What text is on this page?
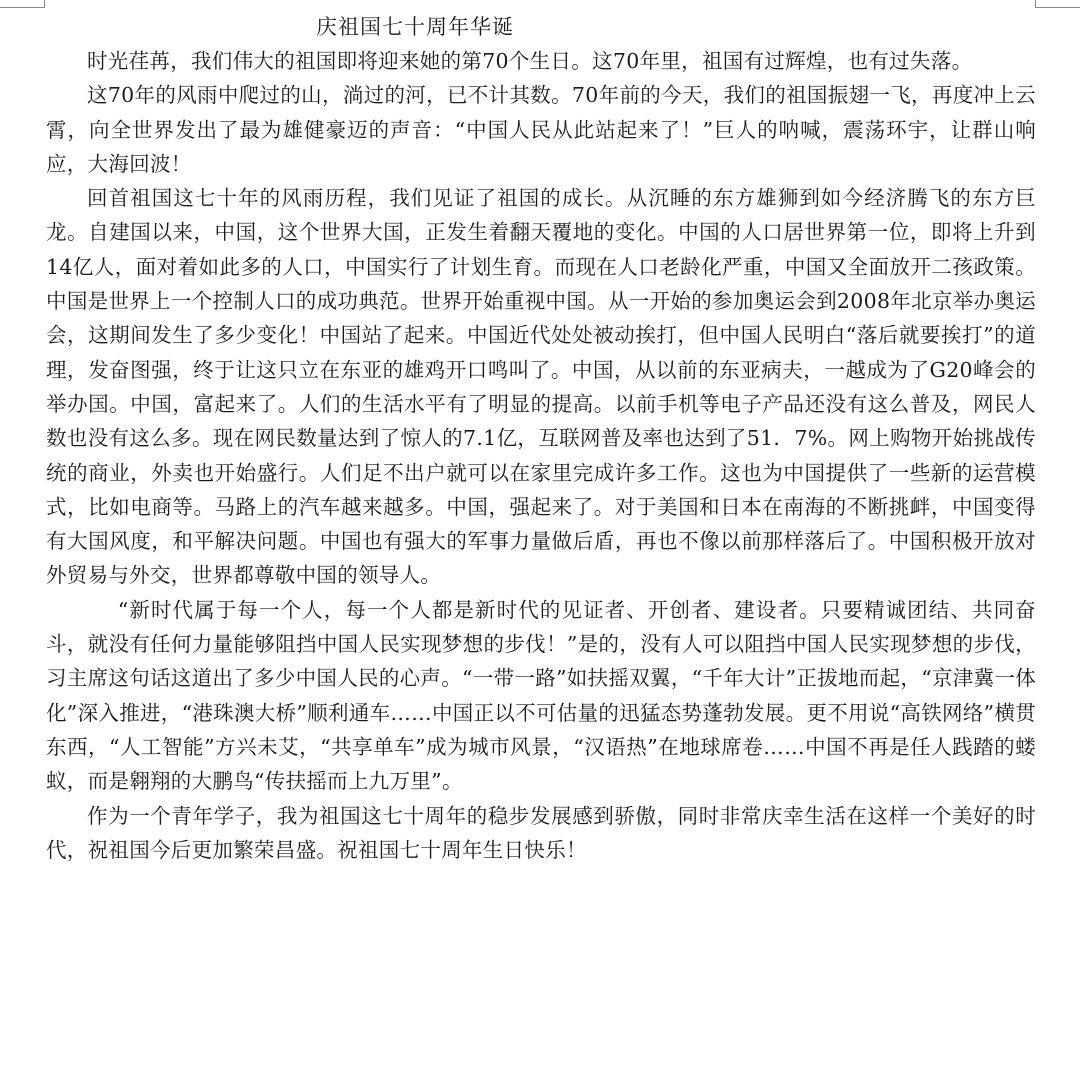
庆祖国七十周年华诞

时光荏苒，我们伟大的祖国即将迎来她的第70个生日。这70年里，祖国有过辉煌，也有过失落。

这70年的风雨中爬过的山，淌过的河，已不计其数。70年前的今天，我们的祖国振翅一飞，再度冲上云霄，向全世界发出了最为雄健豪迈的声音：“中国人民从此站起来了！”巨人的呐喊，震荡环宇，让群山响应，大海回波！

回首祖国这七十年的风雨历程，我们见证了祖国的成长。从沉睡的东方雄狮到如今经济腾飞的东方巨龙。自建国以来，中国，这个世界大国，正发生着翻天覆地的变化。中国的人口居世界第一位，即将上升到14亿人，面对着如此多的人口，中国实行了计划生育。而现在人口老龄化严重，中国又全面放开二孩政策。中国是世界上一个控制人口的成功典范。世界开始重视中国。从一开始的参加奥运会到2008年北京举办奥运会，这期间发生了多少变化！中国站了起来。中国近代处处被动挨打，但中国人民明白“落后就要挨打”的道理，发奋图强，终于让这只立在东亚的雄鸡开口鸣叫了。中国，从以前的东亚病夫，一越成为了G20峰会的举办国。中国，富起来了。人们的生活水平有了明显的提高。以前手机等电子产品还没有这么普及，网民人数也没有这么多。现在网民数量达到了惊人的7.1亿，互联网普及率也达到了51．7%。网上购物开始挑战传统的商业，外卖也开始盛行。人们足不出户就可以在家里完成许多工作。这也为中国提供了一些新的运营模式，比如电商等。马路上的汽车越来越多。中国，强起来了。对于美国和日本在南海的不断挑衅，中国变得有大国风度，和平解决问题。中国也有强大的军事力量做后盾，再也不像以前那样落后了。中国积极开放对外贸易与外交，世界都尊敬中国的领导人。

“新时代属于每一个人，每一个人都是新时代的见证者、开创者、建设者。只要精诚团结、共同奋斗，就没有任何力量能够阻挡中国人民实现梦想的步伐！”是的，没有人可以阻挡中国人民实现梦想的步伐，习主席这句话这道出了多少中国人民的心声。“一带一路”如扶摇双翼，“千年大计”正拔地而起，“京津冀一体化”深入推进，“港珠澳大桥”顺利通车……中国正以不可估量的迅猛态势蓬勃发展。更不用说“高铁网络”横贯东西，“人工智能”方兴未艾，“共享单车”成为城市风景，“汉语热”在地球席卷……中国不再是任人践踏的蝼蚁，而是翱翔的大鹏鸟“传扶摇而上九万里”。

作为一个青年学子，我为祖国这七十周年的稳步发展感到骄傲，同时非常庆幸生活在这样一个美好的时代，祝祖国今后更加繁荣昌盛。祝祖国七十周年生日快乐！
